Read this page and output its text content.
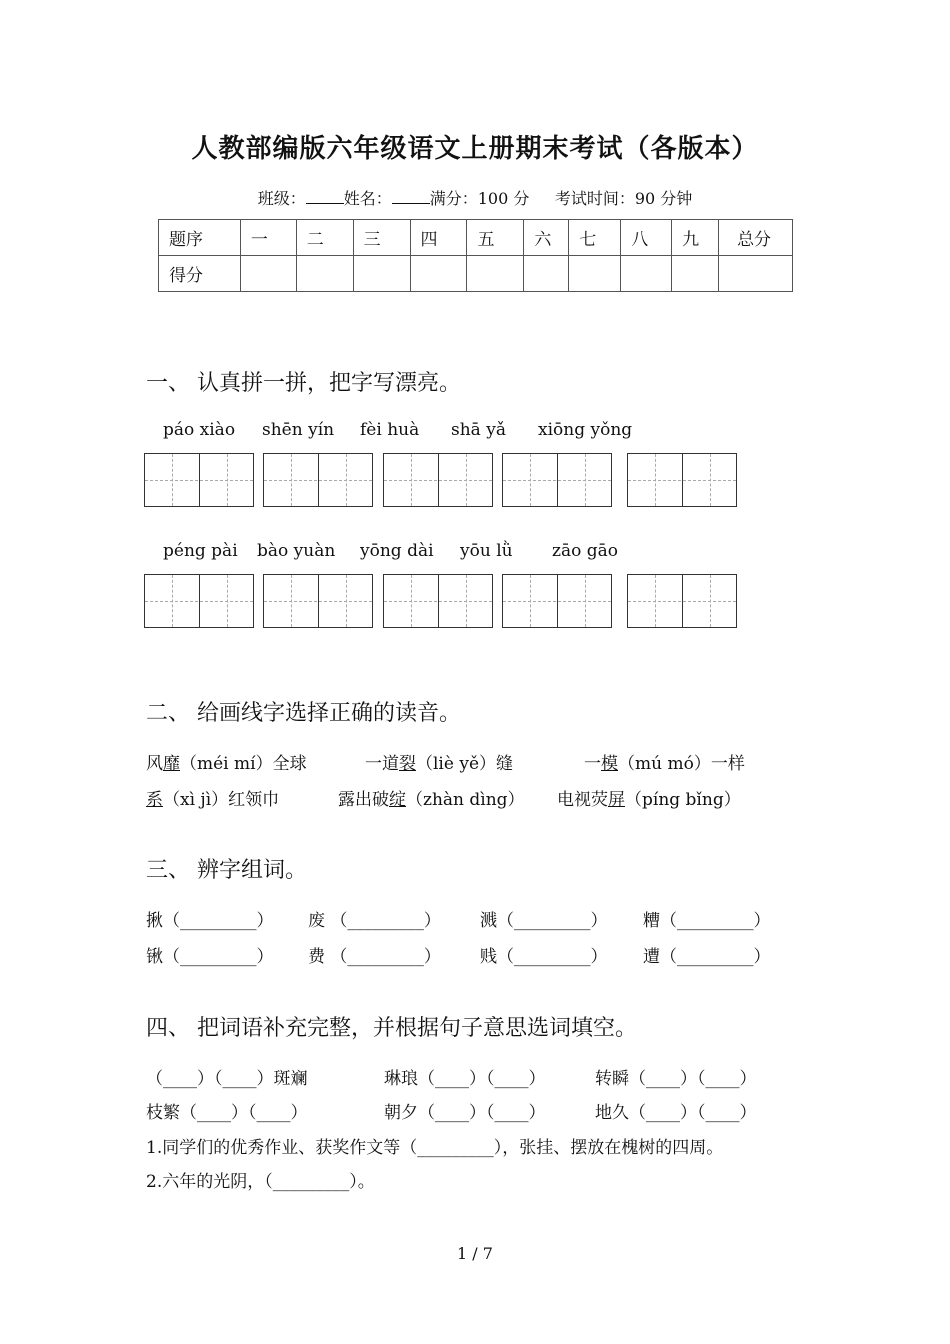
人教部编版六年级语文上册期末考试（各版本）
班级： 姓名： 满分：100 分 考试时间：90 分钟
题序	一	二	三	四	五	六	七	八	九	总分
得分										
一、 认真拼一拼，把字写漂亮。
páo xiào shēn yín fèi huà shā yǎ xiōng yǒng
péng pài bào yuàn yōng dài yōu lǜ zāo gāo
二、 给画线字选择正确的读音。
风靡（méi mí）全球	一道裂（liè yě）缝	一模（mú mó）一样
系（xì jì）红领巾	露出破绽（zhàn dìng） 电视荧屏（píng bǐng）
三、 辨字组词。
揪（_________） 废 （_________） 溅（_________） 糟（_________）
锹（_________） 费 （_________） 贱（_________） 遭（_________）
四、 把词语补充完整，并根据句子意思选词填空。
（____）（____）斑斓	琳琅（____）（____）	转瞬（____）（____）
枝繁（____）（____）	朝夕（____）（____）	地久（____）（____）
1.同学们的优秀作业、获奖作文等（_________），张挂、摆放在槐树的四周。
2.六年的光阴，（_________）。
1 / 7
